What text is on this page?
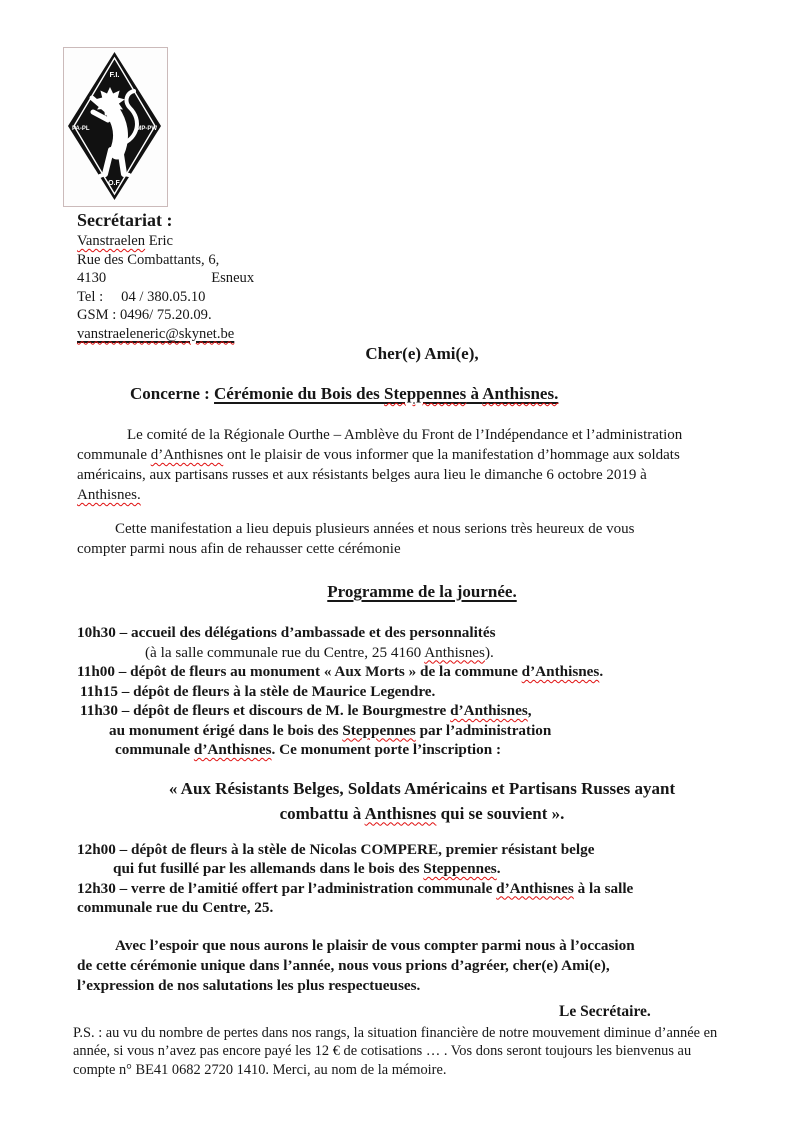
F.I.
PA-PL	MP-PW
O.F.
Secrétariat :
Vanstraelen Eric
Rue des Combattants, 6,
4130	Esneux
Tel : 04 / 380.05.10
GSM : 0496/ 75.20.09.
vanstraeleneric@skynet.be
Cher(e) Ami(e),
Concerne : Cérémonie du Bois des Steppennes à Anthisnes.
Le comité de la Régionale Ourthe – Amblève du Front de l’Indépendance et l’administration
communale d’Anthisnes ont le plaisir de vous informer que la manifestation d’hommage aux soldats
américains, aux partisans russes et aux résistants belges aura lieu le dimanche 6 octobre 2019 à
Anthisnes.
Cette manifestation a lieu depuis plusieurs années et nous serions très heureux de vous
compter parmi nous afin de rehausser cette cérémonie
Programme de la journée.
10h30 – accueil des délégations d’ambassade et des personnalités
(à la salle communale rue du Centre, 25 4160 Anthisnes).
11h00 – dépôt de fleurs au monument « Aux Morts » de la commune d’Anthisnes.
11h15 – dépôt de fleurs à la stèle de Maurice Legendre.
11h30 – dépôt de fleurs et discours de M. le Bourgmestre d’Anthisnes,
au monument érigé dans le bois des Steppennes par l’administration
communale d’Anthisnes. Ce monument porte l’inscription :
« Aux Résistants Belges, Soldats Américains et Partisans Russes ayant
combattu à Anthisnes qui se souvient ».
12h00 – dépôt de fleurs à la stèle de Nicolas COMPERE, premier résistant belge
qui fut fusillé par les allemands dans le bois des Steppennes.
12h30 – verre de l’amitié offert par l’administration communale d’Anthisnes à la salle
communale rue du Centre, 25.
Avec l’espoir que nous aurons le plaisir de vous compter parmi nous à l’occasion
de cette cérémonie unique dans l’année, nous vous prions d’agréer, cher(e) Ami(e),
l’expression de nos salutations les plus respectueuses.
Le Secrétaire.
P.S. : au vu du nombre de pertes dans nos rangs, la situation financière de notre mouvement diminue d’année en
année, si vous n’avez pas encore payé les 12 € de cotisations … . Vos dons seront toujours les bienvenus au
compte n° BE41 0682 2720 1410. Merci, au nom de la mémoire.
